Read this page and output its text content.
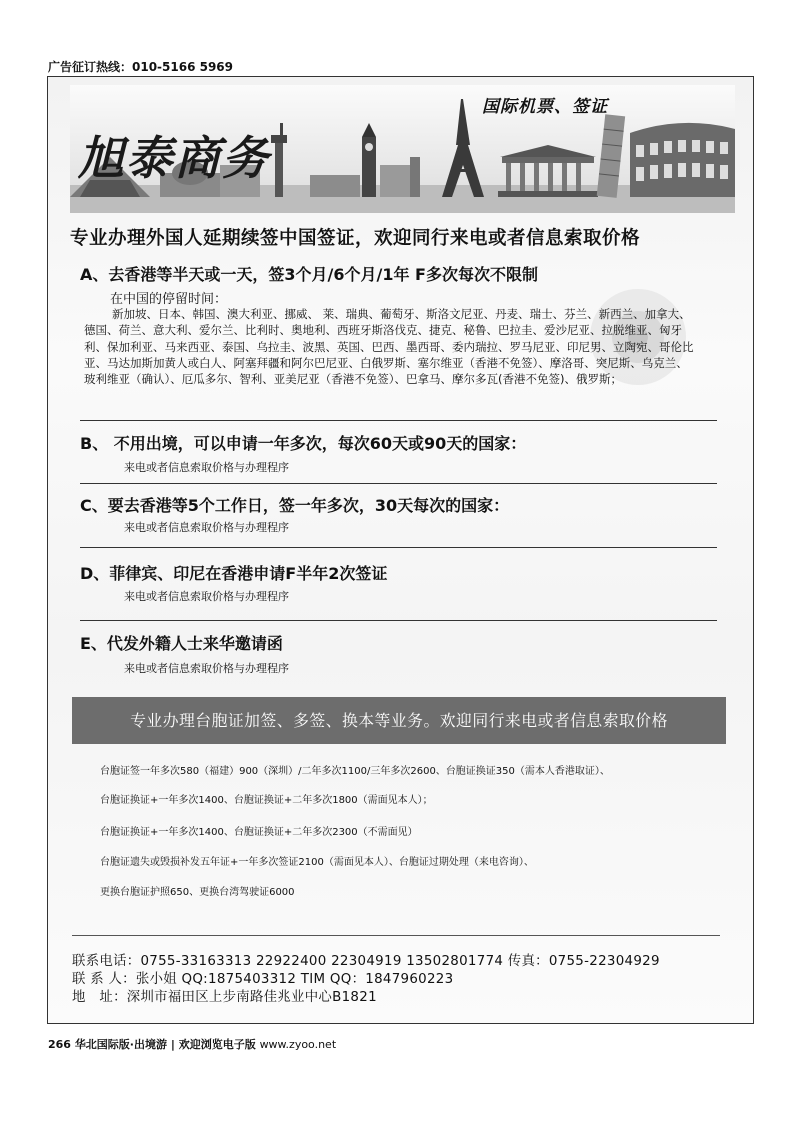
广告征订热线：010-5166 5969
旭泰商务
国际机票、签证
专业办理外国人延期续签中国签证，欢迎同行来电或者信息索取价格
A、去香港等半天或一天，签3个月/6个月/1年 F多次每次不限制
在中国的停留时间：
新加坡、日本、韩国、澳大利亚、挪威、 莱、瑞典、葡萄牙、斯洛文尼亚、丹麦、瑞士、芬兰、新西兰、加拿大、德国、荷兰、意大利、爱尔兰、比利时、奥地利、西班牙斯洛伐克、捷克、秘鲁、巴拉圭、爱沙尼亚、拉脱维亚、匈牙利、保加利亚、马来西亚、泰国、乌拉圭、波黑、英国、巴西、墨西哥、委内瑞拉、罗马尼亚、印尼男、立陶宛、哥伦比亚、马达加斯加黄人或白人、阿塞拜疆和阿尔巴尼亚、白俄罗斯、塞尔维亚（香港不免签）、摩洛哥、突尼斯、乌克兰、玻利维亚（确认）、厄瓜多尔、智利、亚美尼亚（香港不免签）、巴拿马、摩尔多瓦(香港不免签)、俄罗斯；
B、 不用出境，可以申请一年多次，每次60天或90天的国家：
来电或者信息索取价格与办理程序
C、要去香港等5个工作日，签一年多次，30天每次的国家：
来电或者信息索取价格与办理程序
D、菲律宾、印尼在香港申请F半年2次签证
来电或者信息索取价格与办理程序
E、代发外籍人士来华邀请函
来电或者信息索取价格与办理程序
专业办理台胞证加签、多签、换本等业务。欢迎同行来电或者信息索取价格
台胞证签一年多次580（福建）900（深圳）/二年多次1100/三年多次2600、台胞证换证350（需本人香港取证）、
台胞证换证+一年多次1400、台胞证换证+二年多次1800（需面见本人）；
台胞证换证+一年多次1400、台胞证换证+二年多次2300（不需面见）
台胞证遗失或毁损补发五年证+一年多次签证2100（需面见本人）、台胞证过期处理（来电咨询）、
更换台胞证护照650、更换台湾驾驶证6000
联系电话：0755-33163313 22922400 22304919 13502801774 传真：0755-22304929
联 系 人：张小姐 QQ:1875403312 TIM QQ：1847960223
地　址：深圳市福田区上步南路佳兆业中心B1821
266 华北国际版·出境游 | 欢迎浏览电子版 www.zyoo.net
